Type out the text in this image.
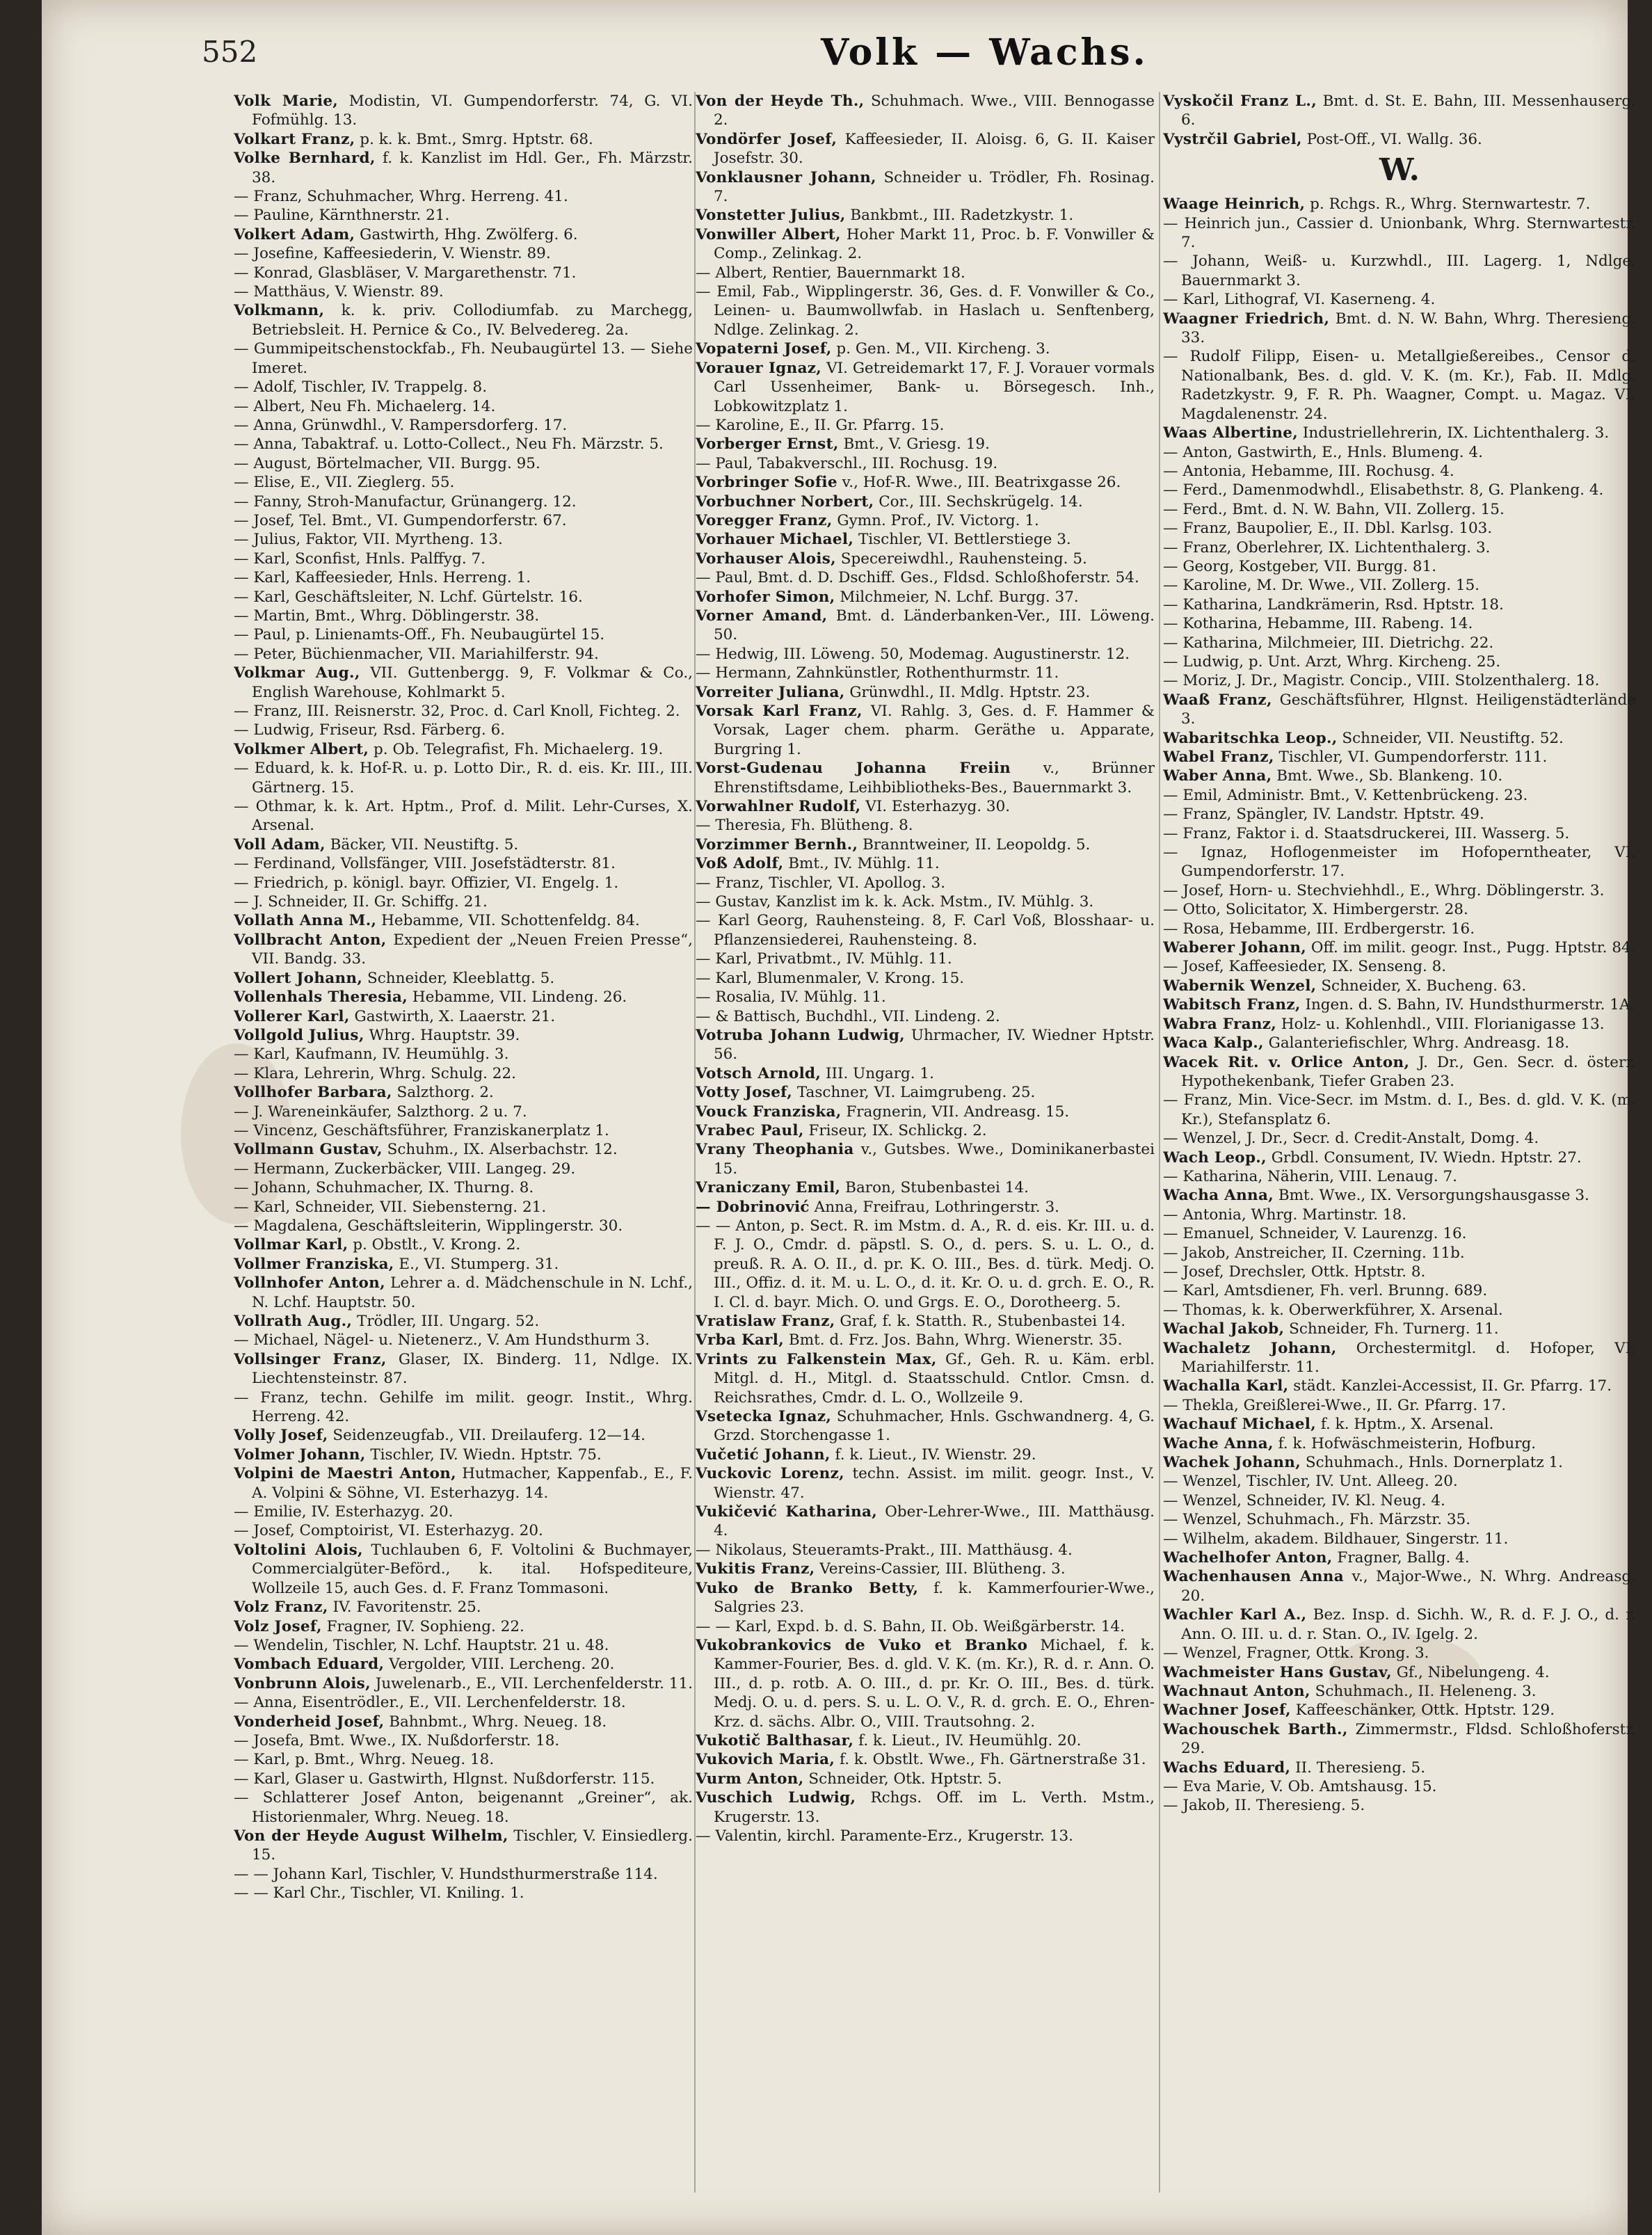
552	Volk — Wachs.

Volk Marie, Modistin, VI. Gumpendorferstr. 74, G. VI. Fofmühlg. 13.

Volkart Franz, p. k. k. Bmt., Smrg. Hptstr. 68.

Volke Bernhard, f. k. Kanzlist im Hdl. Ger., Fh. Märzstr. 38.

— Franz, Schuhmacher, Whrg. Herreng. 41.

— Pauline, Kärnthnerstr. 21.

Volkert Adam, Gastwirth, Hhg. Zwölferg. 6.

— Josefine, Kaffeesiederin, V. Wienstr. 89.

— Konrad, Glasbläser, V. Margarethenstr. 71.

— Matthäus, V. Wienstr. 89.

Volkmann, k. k. priv. Collodiumfab. zu Marchegg, Betriebsleit. H. Pernice & Co., IV. Belvedereg. 2a.

— Gummipeitschenstockfab., Fh. Neubaugürtel 13. — Siehe Imeret.

— Adolf, Tischler, IV. Trappelg. 8.

— Albert, Neu Fh. Michaelerg. 14.

— Anna, Grünwdhl., V. Rampersdorferg. 17.

— Anna, Tabaktraf. u. Lotto-Collect., Neu Fh. Märzstr. 5.

— August, Börtelmacher, VII. Burgg. 95.

— Elise, E., VII. Zieglerg. 55.

— Fanny, Stroh-Manufactur, Grünangerg. 12.

— Josef, Tel. Bmt., VI. Gumpendorferstr. 67.

— Julius, Faktor, VII. Myrtheng. 13.

— Karl, Sconfist, Hnls. Palffyg. 7.

— Karl, Kaffeesieder, Hnls. Herreng. 1.

— Karl, Geschäftsleiter, N. Lchf. Gürtelstr. 16.

— Martin, Bmt., Whrg. Döblingerstr. 38.

— Paul, p. Linienamts-Off., Fh. Neubaugürtel 15.

— Peter, Büchienmacher, VII. Mariahilferstr. 94.

Volkmar Aug., VII. Guttenbergg. 9, F. Volkmar & Co., English Warehouse, Kohlmarkt 5.

— Franz, III. Reisnerstr. 32, Proc. d. Carl Knoll, Fichteg. 2.

— Ludwig, Friseur, Rsd. Färberg. 6.

Volkmer Albert, p. Ob. Telegrafist, Fh. Michaelerg. 19.

— Eduard, k. k. Hof-R. u. p. Lotto Dir., R. d. eis. Kr. III., III. Gärtnerg. 15.

— Othmar, k. k. Art. Hptm., Prof. d. Milit. Lehr-Curses, X. Arsenal.

Voll Adam, Bäcker, VII. Neustiftg. 5.

— Ferdinand, Vollsfänger, VIII. Josefstädterstr. 81.

— Friedrich, p. königl. bayr. Offizier, VI. Engelg. 1.

— J. Schneider, II. Gr. Schiffg. 21.

Vollath Anna M., Hebamme, VII. Schottenfeldg. 84.

Vollbracht Anton, Expedient der „Neuen Freien Presse“, VII. Bandg. 33.

Vollert Johann, Schneider, Kleeblattg. 5.

Vollenhals Theresia, Hebamme, VII. Lindeng. 26.

Vollerer Karl, Gastwirth, X. Laaerstr. 21.

Vollgold Julius, Whrg. Hauptstr. 39.

— Karl, Kaufmann, IV. Heumühlg. 3.

— Klara, Lehrerin, Whrg. Schulg. 22.

Vollhofer Barbara, Salzthorg. 2.

— J. Wareneinkäufer, Salzthorg. 2 u. 7.

— Vincenz, Geschäftsführer, Franziskanerplatz 1.

Vollmann Gustav, Schuhm., IX. Alserbachstr. 12.

— Hermann, Zuckerbäcker, VIII. Langeg. 29.

— Johann, Schuhmacher, IX. Thurng. 8.

— Karl, Schneider, VII. Siebensterng. 21.

— Magdalena, Geschäftsleiterin, Wipplingerstr. 30.

Vollmar Karl, p. Obstlt., V. Krong. 2.

Vollmer Franziska, E., VI. Stumperg. 31.

Vollnhofer Anton, Lehrer a. d. Mädchenschule in N. Lchf., N. Lchf. Hauptstr. 50.

Vollrath Aug., Trödler, III. Ungarg. 52.

— Michael, Nägel- u. Nietenerz., V. Am Hundsthurm 3.

Vollsinger Franz, Glaser, IX. Binderg. 11, Ndlge. IX. Liechtensteinstr. 87.

— Franz, techn. Gehilfe im milit. geogr. Instit., Whrg. Herreng. 42.

Volly Josef, Seidenzeugfab., VII. Dreilauferg. 12—14.

Volmer Johann, Tischler, IV. Wiedn. Hptstr. 75.

Volpini de Maestri Anton, Hutmacher, Kappenfab., E., F. A. Volpini & Söhne, VI. Esterhazyg. 14.

— Emilie, IV. Esterhazyg. 20.

— Josef, Comptoirist, VI. Esterhazyg. 20.

Voltolini Alois, Tuchlauben 6, F. Voltolini & Buchmayer, Commercialgüter-Beförd., k. ital. Hofspediteure, Wollzeile 15, auch Ges. d. F. Franz Tommasoni.

Volz Franz, IV. Favoritenstr. 25.

Volz Josef, Fragner, IV. Sophieng. 22.

— Wendelin, Tischler, N. Lchf. Hauptstr. 21 u. 48.

Vombach Eduard, Vergolder, VIII. Lercheng. 20.

Vonbrunn Alois, Juwelenarb., E., VII. Lerchenfelderstr. 11.

— Anna, Eisentrödler., E., VII. Lerchenfelderstr. 18.

Vonderheid Josef, Bahnbmt., Whrg. Neueg. 18.

— Josefa, Bmt. Wwe., IX. Nußdorferstr. 18.

— Karl, p. Bmt., Whrg. Neueg. 18.

— Karl, Glaser u. Gastwirth, Hlgnst. Nußdorferstr. 115.

— Schlatterer Josef Anton, beigenannt „Greiner“, ak. Historienmaler, Whrg. Neueg. 18.

Von der Heyde August Wilhelm, Tischler, V. Einsiedlerg. 15.

— — Johann Karl, Tischler, V. Hundsthurmerstraße 114.

— — Karl Chr., Tischler, VI. Kniling. 1.

Von der Heyde Th., Schuhmach. Wwe., VIII. Bennogasse 2.

Vondörfer Josef, Kaffeesieder, II. Aloisg. 6, G. II. Kaiser Josefstr. 30.

Vonklausner Johann, Schneider u. Trödler, Fh. Rosinag. 7.

Vonstetter Julius, Bankbmt., III. Radetzkystr. 1.

Vonwiller Albert, Hoher Markt 11, Proc. b. F. Vonwiller & Comp., Zelinkag. 2.

— Albert, Rentier, Bauernmarkt 18.

— Emil, Fab., Wipplingerstr. 36, Ges. d. F. Vonwiller & Co., Leinen- u. Baumwollwfab. in Haslach u. Senftenberg, Ndlge. Zelinkag. 2.

Vopaterni Josef, p. Gen. M., VII. Kircheng. 3.

Vorauer Ignaz, VI. Getreidemarkt 17, F. J. Vorauer vormals Carl Ussenheimer, Bank- u. Börsegesch. Inh., Lobkowitzplatz 1.

— Karoline, E., II. Gr. Pfarrg. 15.

Vorberger Ernst, Bmt., V. Griesg. 19.

— Paul, Tabakverschl., III. Rochusg. 19.

Vorbringer Sofie v., Hof-R. Wwe., III. Beatrixgasse 26.

Vorbuchner Norbert, Cor., III. Sechskrügelg. 14.

Voregger Franz, Gymn. Prof., IV. Victorg. 1.

Vorhauer Michael, Tischler, VI. Bettlerstiege 3.

Vorhauser Alois, Specereiwdhl., Rauhensteing. 5.

— Paul, Bmt. d. D. Dschiff. Ges., Fldsd. Schloßhoferstr. 54.

Vorhofer Simon, Milchmeier, N. Lchf. Burgg. 37.

Vorner Amand, Bmt. d. Länderbanken-Ver., III. Löweng. 50.

— Hedwig, III. Löweng. 50, Modemag. Augustinerstr. 12.

— Hermann, Zahnkünstler, Rothenthurmstr. 11.

Vorreiter Juliana, Grünwdhl., II. Mdlg. Hptstr. 23.

Vorsak Karl Franz, VI. Rahlg. 3, Ges. d. F. Hammer & Vorsak, Lager chem. pharm. Geräthe u. Apparate, Burgring 1.

Vorst-Gudenau Johanna Freiin v., Brünner Ehrenstiftsdame, Leihbibliotheks-Bes., Bauernmarkt 3.

Vorwahlner Rudolf, VI. Esterhazyg. 30.

— Theresia, Fh. Blütheng. 8.

Vorzimmer Bernh., Branntweiner, II. Leopoldg. 5.

Voß Adolf, Bmt., IV. Mühlg. 11.

— Franz, Tischler, VI. Apollog. 3.

— Gustav, Kanzlist im k. k. Ack. Mstm., IV. Mühlg. 3.

— Karl Georg, Rauhensteing. 8, F. Carl Voß, Blosshaar- u. Pflanzensiederei, Rauhensteing. 8.

— Karl, Privatbmt., IV. Mühlg. 11.

— Karl, Blumenmaler, V. Krong. 15.

— Rosalia, IV. Mühlg. 11.

— & Battisch, Buchdhl., VII. Lindeng. 2.

Votruba Johann Ludwig, Uhrmacher, IV. Wiedner Hptstr. 56.

Votsch Arnold, III. Ungarg. 1.

Votty Josef, Taschner, VI. Laimgrubeng. 25.

Vouck Franziska, Fragnerin, VII. Andreasg. 15.

Vrabec Paul, Friseur, IX. Schlickg. 2.

Vrany Theophania v., Gutsbes. Wwe., Dominikanerbastei 15.

Vraniczany Emil, Baron, Stubenbastei 14.

— Dobrinović Anna, Freifrau, Lothringerstr. 3.

— — Anton, p. Sect. R. im Mstm. d. A., R. d. eis. Kr. III. u. d. F. J. O., Cmdr. d. päpstl. S. O., d. pers. S. u. L. O., d. preuß. R. A. O. II., d. pr. K. O. III., Bes. d. türk. Medj. O. III., Offiz. d. it. M. u. L. O., d. it. Kr. O. u. d. grch. E. O., R. I. Cl. d. bayr. Mich. O. und Grgs. E. O., Dorotheerg. 5.

Vratislaw Franz, Graf, f. k. Statth. R., Stubenbastei 14.

Vrba Karl, Bmt. d. Frz. Jos. Bahn, Whrg. Wienerstr. 35.

Vrints zu Falkenstein Max, Gf., Geh. R. u. Käm. erbl. Mitgl. d. H., Mitgl. d. Staatsschuld. Cntlor. Cmsn. d. Reichsrathes, Cmdr. d. L. O., Wollzeile 9.

Vsetecka Ignaz, Schuhmacher, Hnls. Gschwandnerg. 4, G. Grzd. Storchengasse 1.

Vučetić Johann, f. k. Lieut., IV. Wienstr. 29.

Vuckovic Lorenz, techn. Assist. im milit. geogr. Inst., V. Wienstr. 47.

Vukičević Katharina, Ober-Lehrer-Wwe., III. Matthäusg. 4.

— Nikolaus, Steueramts-Prakt., III. Matthäusg. 4.

Vukitis Franz, Vereins-Cassier, III. Blütheng. 3.

Vuko de Branko Betty, f. k. Kammerfourier-Wwe., Salgries 23.

— — Karl, Expd. b. d. S. Bahn, II. Ob. Weißgärberstr. 14.

Vukobrankovics de Vuko et Branko Michael, f. k. Kammer-Fourier, Bes. d. gld. V. K. (m. Kr.), R. d. r. Ann. O. III., d. p. rotb. A. O. III., d. pr. Kr. O. III., Bes. d. türk. Medj. O. u. d. pers. S. u. L. O. V., R. d. grch. E. O., Ehren-Krz. d. sächs. Albr. O., VIII. Trautsohng. 2.

Vukotič Balthasar, f. k. Lieut., IV. Heumühlg. 20.

Vukovich Maria, f. k. Obstlt. Wwe., Fh. Gärtnerstraße 31.

Vurm Anton, Schneider, Otk. Hptstr. 5.

Vuschich Ludwig, Rchgs. Off. im L. Verth. Mstm., Krugerstr. 13.

— Valentin, kirchl. Paramente-Erz., Krugerstr. 13.

Vyskočil Franz L., Bmt. d. St. E. Bahn, III. Messenhauserg. 6.

Vystrčil Gabriel, Post-Off., VI. Wallg. 36.

W.

Waage Heinrich, p. Rchgs. R., Whrg. Sternwartestr. 7.

— Heinrich jun., Cassier d. Unionbank, Whrg. Sternwartestr. 7.

— Johann, Weiß- u. Kurzwhdl., III. Lagerg. 1, Ndlge. Bauernmarkt 3.

— Karl, Lithograf, VI. Kaserneng. 4.

Waagner Friedrich, Bmt. d. N. W. Bahn, Whrg. Theresieng. 33.

— Rudolf Filipp, Eisen- u. Metallgießereibes., Censor d. Nationalbank, Bes. d. gld. V. K. (m. Kr.), Fab. II. Mdlg. Radetzkystr. 9, F. R. Ph. Waagner, Compt. u. Magaz. VI. Magdalenenstr. 24.

Waas Albertine, Industriellehrerin, IX. Lichtenthalerg. 3.

— Anton, Gastwirth, E., Hnls. Blumeng. 4.

— Antonia, Hebamme, III. Rochusg. 4.

— Ferd., Damenmodwhdl., Elisabethstr. 8, G. Plankeng. 4.

— Ferd., Bmt. d. N. W. Bahn, VII. Zollerg. 15.

— Franz, Baupolier, E., II. Dbl. Karlsg. 103.

— Franz, Oberlehrer, IX. Lichtenthalerg. 3.

— Georg, Kostgeber, VII. Burgg. 81.

— Karoline, M. Dr. Wwe., VII. Zollerg. 15.

— Katharina, Landkrämerin, Rsd. Hptstr. 18.

— Kotharina, Hebamme, III. Rabeng. 14.

— Katharina, Milchmeier, III. Dietrichg. 22.

— Ludwig, p. Unt. Arzt, Whrg. Kircheng. 25.

— Moriz, J. Dr., Magistr. Concip., VIII. Stolzenthalerg. 18.

Waaß Franz, Geschäftsführer, Hlgnst. Heiligenstädterlände 3.

Wabaritschka Leop., Schneider, VII. Neustiftg. 52.

Wabel Franz, Tischler, VI. Gumpendorferstr. 111.

Waber Anna, Bmt. Wwe., Sb. Blankeng. 10.

— Emil, Administr. Bmt., V. Kettenbrückeng. 23.

— Franz, Spängler, IV. Landstr. Hptstr. 49.

— Franz, Faktor i. d. Staatsdruckerei, III. Wasserg. 5.

— Ignaz, Hoflogenmeister im Hofoperntheater, VI. Gumpendorferstr. 17.

— Josef, Horn- u. Stechviehhdl., E., Whrg. Döblingerstr. 3.

— Otto, Solicitator, X. Himbergerstr. 28.

— Rosa, Hebamme, III. Erdbergerstr. 16.

Waberer Johann, Off. im milit. geogr. Inst., Pugg. Hptstr. 84.

— Josef, Kaffeesieder, IX. Senseng. 8.

Wabernik Wenzel, Schneider, X. Bucheng. 63.

Wabitsch Franz, Ingen. d. S. Bahn, IV. Hundsthurmerstr. 1A.

Wabra Franz, Holz- u. Kohlenhdl., VIII. Florianigasse 13.

Waca Kalp., Galanteriefischler, Whrg. Andreasg. 18.

Wacek Rit. v. Orlice Anton, J. Dr., Gen. Secr. d. österr. Hypothekenbank, Tiefer Graben 23.

— Franz, Min. Vice-Secr. im Mstm. d. I., Bes. d. gld. V. K. (m. Kr.), Stefansplatz 6.

— Wenzel, J. Dr., Secr. d. Credit-Anstalt, Domg. 4.

Wach Leop., Grbdl. Consument, IV. Wiedn. Hptstr. 27.

— Katharina, Näherin, VIII. Lenaug. 7.

Wacha Anna, Bmt. Wwe., IX. Versorgungshausgasse 3.

— Antonia, Whrg. Martinstr. 18.

— Emanuel, Schneider, V. Laurenzg. 16.

— Jakob, Anstreicher, II. Czerning. 11b.

— Josef, Drechsler, Ottk. Hptstr. 8.

— Karl, Amtsdiener, Fh. verl. Brunng. 689.

— Thomas, k. k. Oberwerkführer, X. Arsenal.

Wachal Jakob, Schneider, Fh. Turnerg. 11.

Wachaletz Johann, Orchestermitgl. d. Hofoper, VI. Mariahilferstr. 11.

Wachalla Karl, städt. Kanzlei-Accessist, II. Gr. Pfarrg. 17.

— Thekla, Greißlerei-Wwe., II. Gr. Pfarrg. 17.

Wachauf Michael, f. k. Hptm., X. Arsenal.

Wache Anna, f. k. Hofwäschmeisterin, Hofburg.

Wachek Johann, Schuhmach., Hnls. Dornerplatz 1.

— Wenzel, Tischler, IV. Unt. Alleeg. 20.

— Wenzel, Schneider, IV. Kl. Neug. 4.

— Wenzel, Schuhmach., Fh. Märzstr. 35.

— Wilhelm, akadem. Bildhauer, Singerstr. 11.

Wachelhofer Anton, Fragner, Ballg. 4.

Wachenhausen Anna v., Major-Wwe., N. Whrg. Andreasg. 20.

Wachler Karl A., Bez. Insp. d. Sichh. W., R. d. F. J. O., d. r. Ann. O. III. u. d. r. Stan. O., IV. Igelg. 2.

— Wenzel, Fragner, Ottk. Krong. 3.

Wachmeister Hans Gustav, Gf., Nibelungeng. 4.

Wachnaut Anton, Schuhmach., II. Heleneng. 3.

Wachner Josef, Kaffeeschänker, Ottk. Hptstr. 129.

Wachouschek Barth., Zimmermstr., Fldsd. Schloßhoferstr. 29.

Wachs Eduard, II. Theresieng. 5.

— Eva Marie, V. Ob. Amtshausg. 15.

— Jakob, II. Theresieng. 5.
